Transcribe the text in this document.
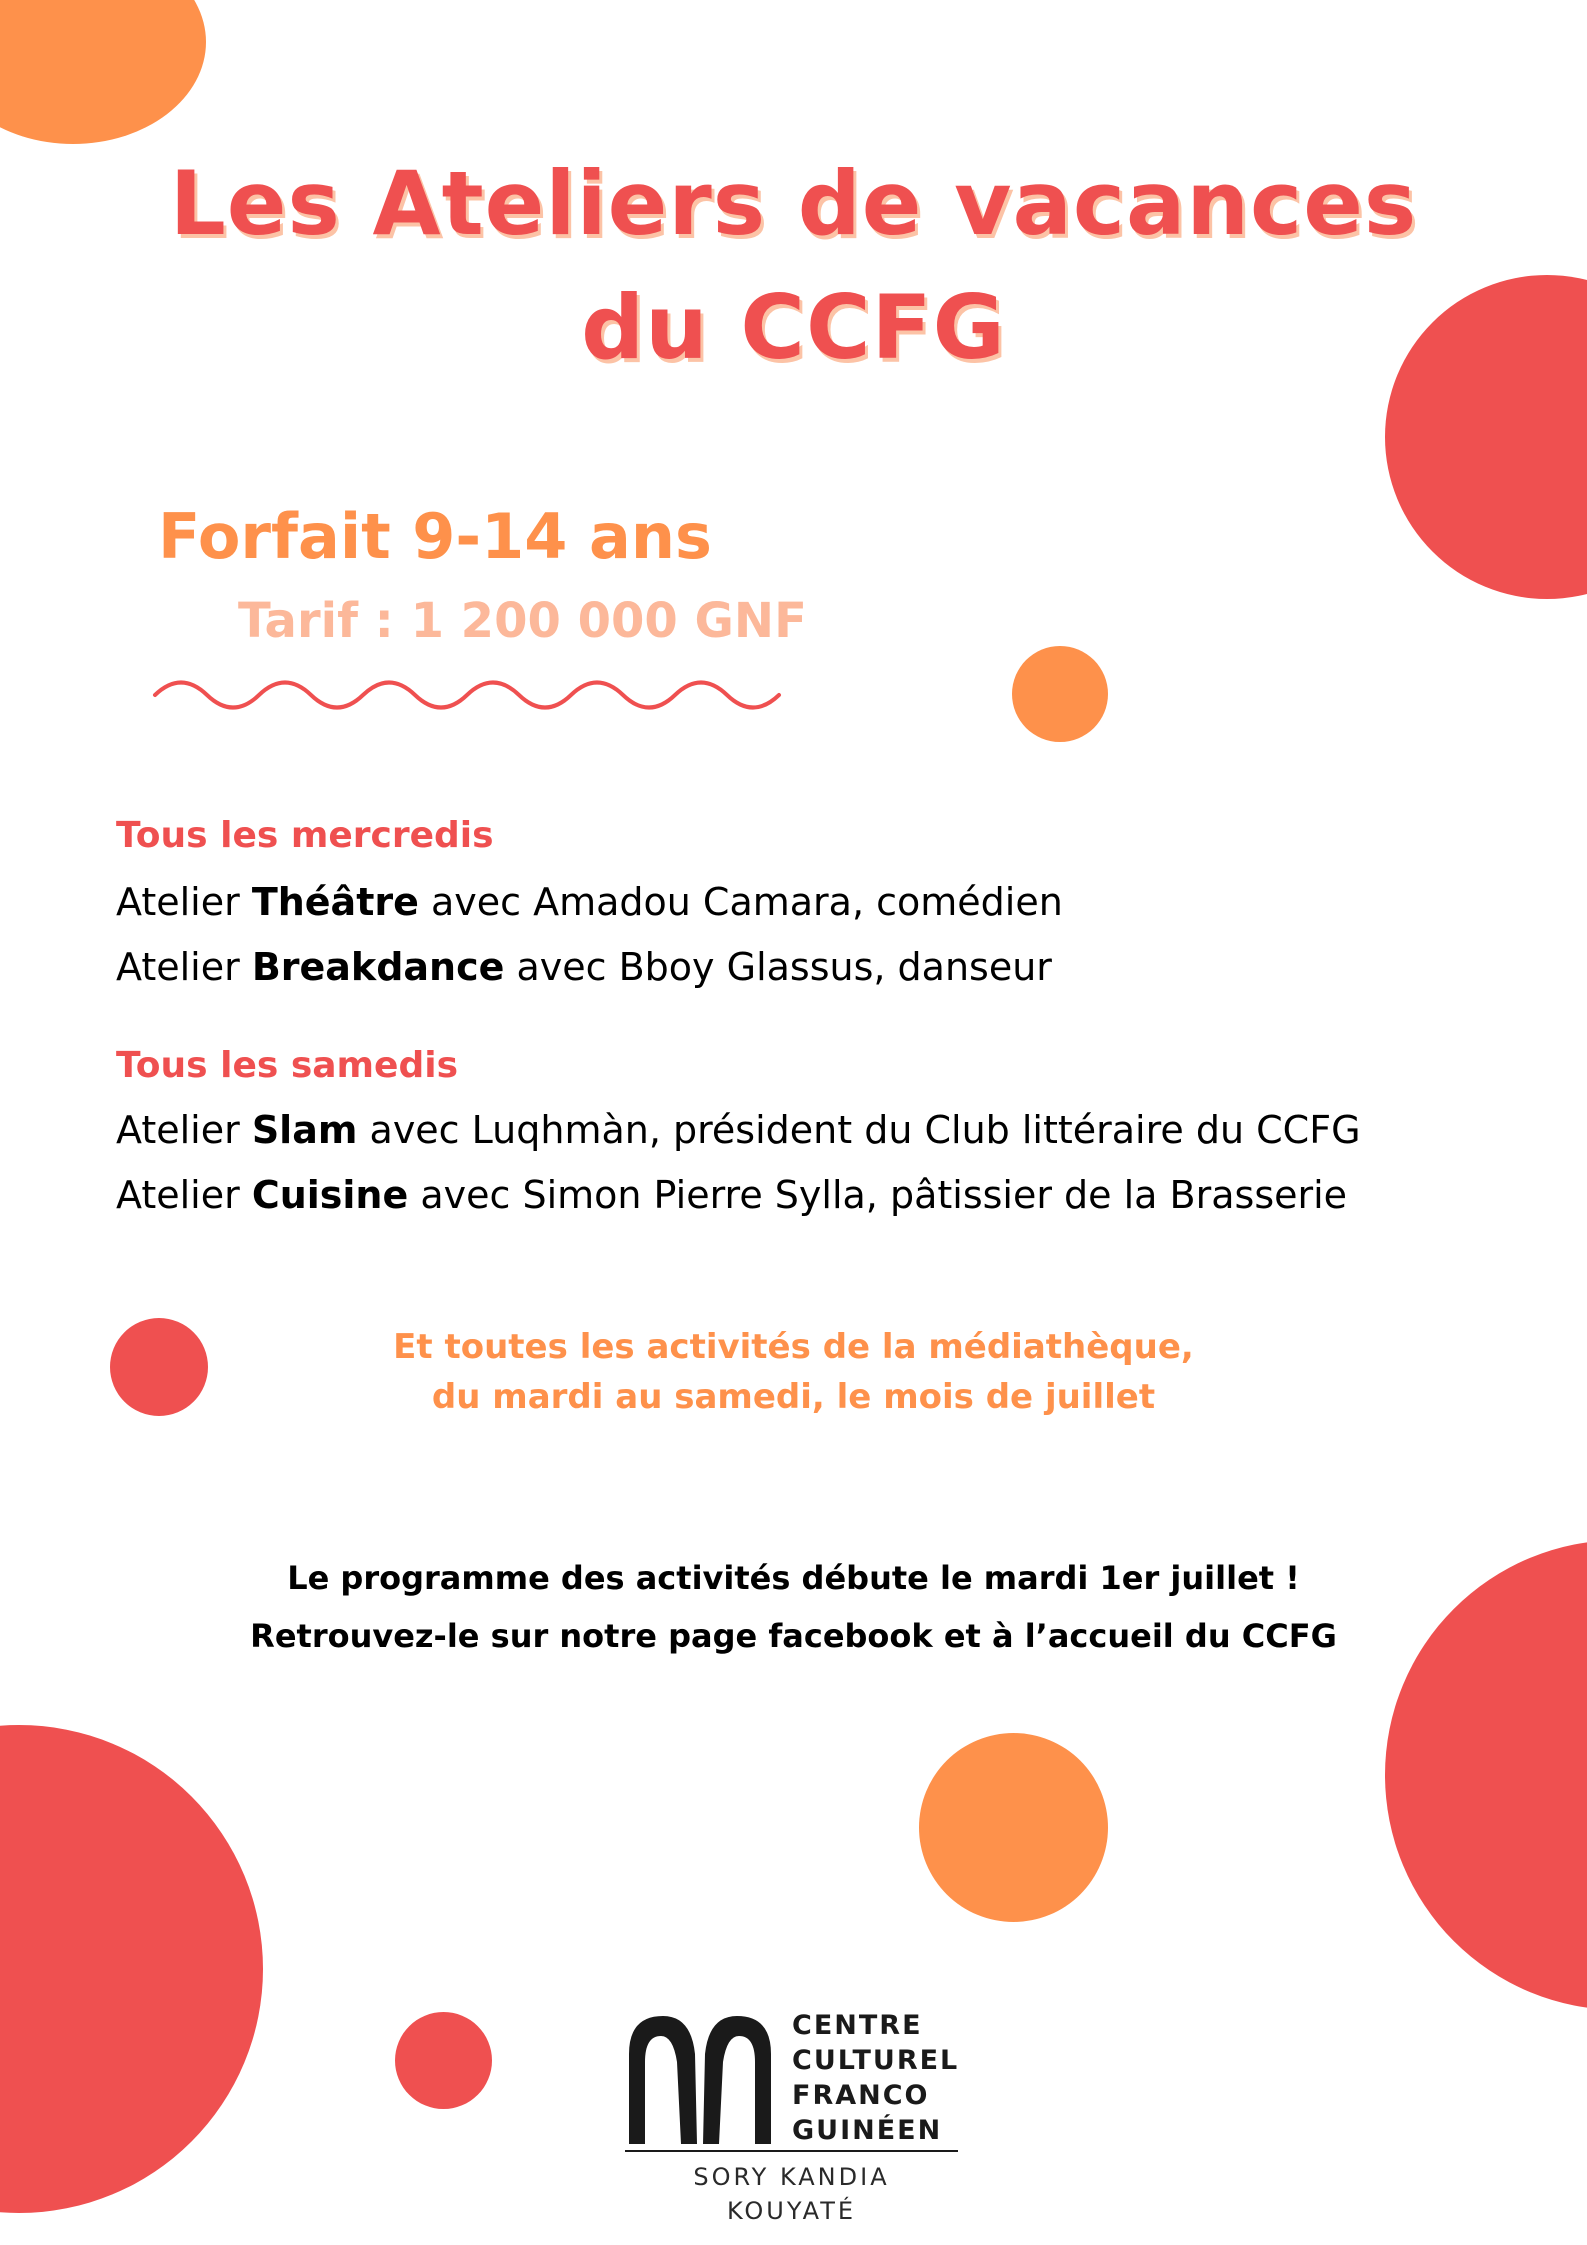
Les Ateliers de vacances
du CCFG

Forfait 9-14 ans

Tarif : 1 200 000 GNF

Tous les mercredis

Atelier Théâtre avec Amadou Camara, comédien

Atelier Breakdance avec Bboy Glassus, danseur

Tous les samedis

Atelier Slam avec Luqhmàn, président du Club littéraire du CCFG

Atelier Cuisine avec Simon Pierre Sylla, pâtissier de la Brasserie

Et toutes les activités de la médiathèque,

du mardi au samedi, le mois de juillet

Le programme des activités débute le mardi 1er juillet !

Retrouvez-le sur notre page facebook et à l’accueil du CCFG

CENTRE
CULTUREL
FRANCO
GUINÉEN
SORY KANDIA KOUYATÉ
